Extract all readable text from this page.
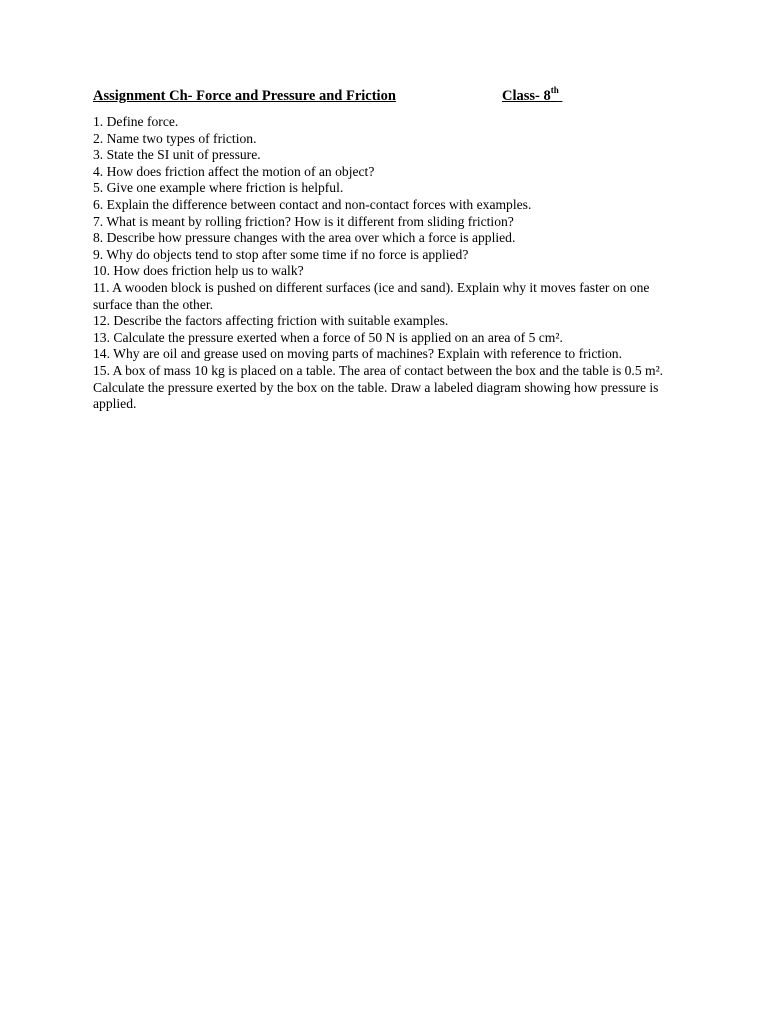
Assignment Ch- Force and Pressure and Friction	Class- 8th
1. Define force.
2. Name two types of friction.
3. State the SI unit of pressure.
4. How does friction affect the motion of an object?
5. Give one example where friction is helpful.
6. Explain the difference between contact and non-contact forces with examples.
7. What is meant by rolling friction? How is it different from sliding friction?
8. Describe how pressure changes with the area over which a force is applied.
9. Why do objects tend to stop after some time if no force is applied?
10. How does friction help us to walk?
11. A wooden block is pushed on different surfaces (ice and sand). Explain why it moves faster on one surface than the other.
12. Describe the factors affecting friction with suitable examples.
13. Calculate the pressure exerted when a force of 50 N is applied on an area of 5 cm².
14. Why are oil and grease used on moving parts of machines? Explain with reference to friction.
15. A box of mass 10 kg is placed on a table. The area of contact between the box and the table is 0.5 m². Calculate the pressure exerted by the box on the table. Draw a labeled diagram showing how pressure is applied.
